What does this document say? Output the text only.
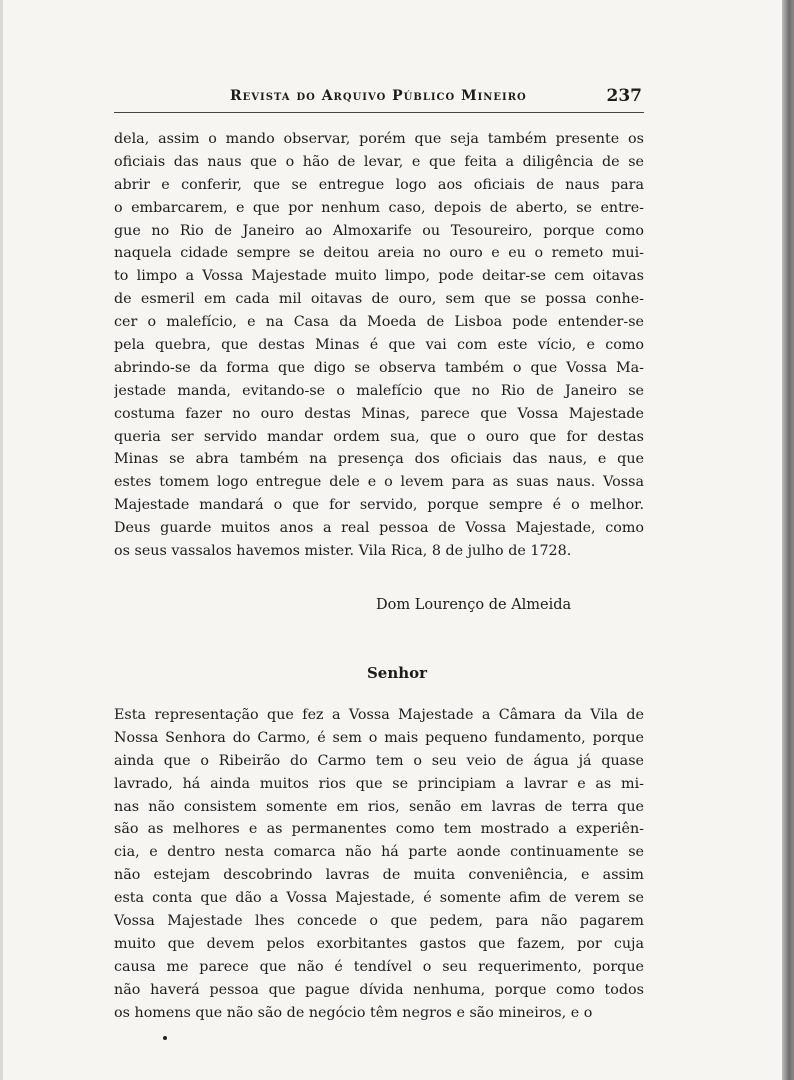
Revista do Arquivo Público Mineiro	237
dela, assim o mando observar, porém que seja também presente os
oficiais das naus que o hão de levar, e que feita a diligência de se
abrir e conferir, que se entregue logo aos oficiais de naus para
o embarcarem, e que por nenhum caso, depois de aberto, se entre-
gue no Rio de Janeiro ao Almoxarife ou Tesoureiro, porque como
naquela cidade sempre se deitou areia no ouro e eu o remeto mui-
to limpo a Vossa Majestade muito limpo, pode deitar-se cem oitavas
de esmeril em cada mil oitavas de ouro, sem que se possa conhe-
cer o malefício, e na Casa da Moeda de Lisboa pode entender-se
pela quebra, que destas Minas é que vai com este vício, e como
abrindo-se da forma que digo se observa também o que Vossa Ma-
jestade manda, evitando-se o malefício que no Rio de Janeiro se
costuma fazer no ouro destas Minas, parece que Vossa Majestade
queria ser servido mandar ordem sua, que o ouro que for destas
Minas se abra também na presença dos oficiais das naus, e que
estes tomem logo entregue dele e o levem para as suas naus. Vossa
Majestade mandará o que for servido, porque sempre é o melhor.
Deus guarde muitos anos a real pessoa de Vossa Majestade, como
os seus vassalos havemos mister. Vila Rica, 8 de julho de 1728.
Dom Lourenço de Almeida
Senhor
Esta representação que fez a Vossa Majestade a Câmara da Vila de
Nossa Senhora do Carmo, é sem o mais pequeno fundamento, porque
ainda que o Ribeirão do Carmo tem o seu veio de água já quase
lavrado, há ainda muitos rios que se principiam a lavrar e as mi-
nas não consistem somente em rios, senão em lavras de terra que
são as melhores e as permanentes como tem mostrado a experiên-
cia, e dentro nesta comarca não há parte aonde continuamente se
não estejam descobrindo lavras de muita conveniência, e assim
esta conta que dão a Vossa Majestade, é somente afim de verem se
Vossa Majestade lhes concede o que pedem, para não pagarem
muito que devem pelos exorbitantes gastos que fazem, por cuja
causa me parece que não é tendível o seu requerimento, porque
não haverá pessoa que pague dívida nenhuma, porque como todos
os homens que não são de negócio têm negros e são mineiros, e o
